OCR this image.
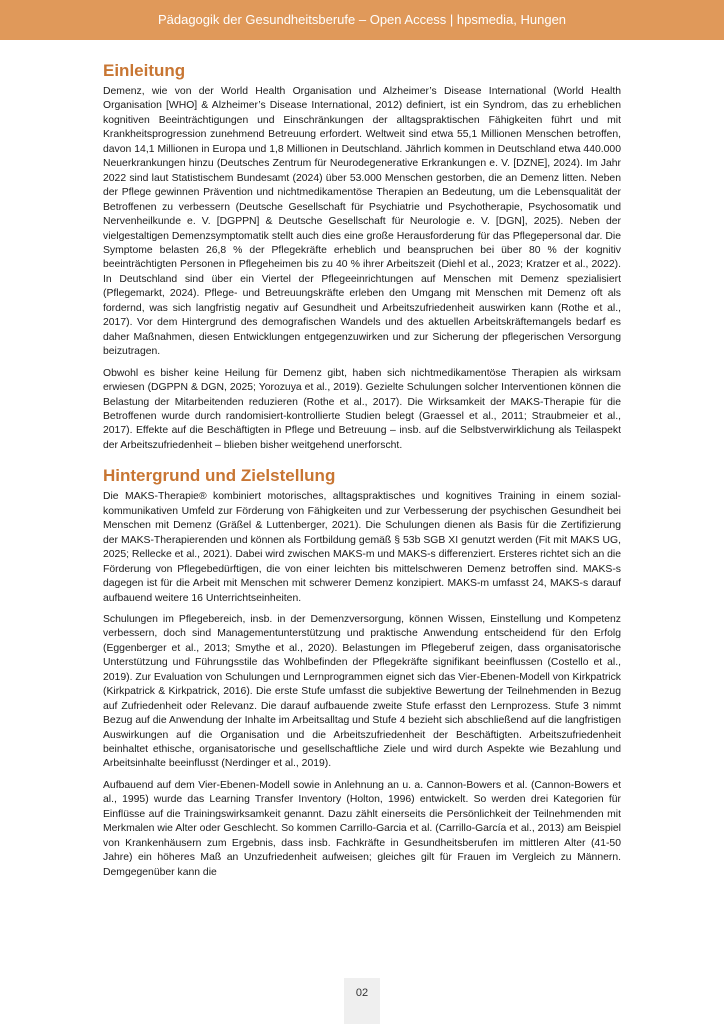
Pädagogik der Gesundheitsberufe – Open Access | hpsmedia, Hungen
Einleitung

Demenz, wie von der World Health Organisation und Alzheimer’s Disease International (World Health Organisation [WHO] & Alzheimer’s Disease International, 2012) definiert, ist ein Syndrom, das zu erheblichen kognitiven Beeinträchtigungen und Einschränkungen der alltagspraktischen Fähigkeiten führt und mit Krankheitsprogression zunehmend Betreuung erfordert. Weltweit sind etwa 55,1 Millionen Menschen betroffen, davon 14,1 Millionen in Europa und 1,8 Millionen in Deutschland. Jährlich kommen in Deutschland etwa 440.000 Neuerkrankungen hinzu (Deutsches Zentrum für Neurodegenerative Erkrankungen e. V. [DZNE], 2024). Im Jahr 2022 sind laut Statistischem Bundesamt (2024) über 53.000 Menschen gestorben, die an Demenz litten. Neben der Pflege gewinnen Prävention und nichtmedikamentöse Therapien an Bedeutung, um die Lebensqualität der Betroffenen zu verbessern (Deutsche Gesellschaft für Psychiatrie und Psychotherapie, Psychosomatik und Nervenheilkunde e. V. [DGPPN] & Deutsche Gesellschaft für Neurologie e. V. [DGN], 2025). Neben der vielgestaltigen Demenzsymptomatik stellt auch dies eine große Herausforderung für das Pflegepersonal dar. Die Symptome belasten 26,8 % der Pflegekräfte erheblich und beanspruchen bei über 80 % der kognitiv beeinträchtigten Personen in Pflegeheimen bis zu 40 % ihrer Arbeitszeit (Diehl et al., 2023; Kratzer et al., 2022). In Deutschland sind über ein Viertel der Pflegeeinrichtungen auf Menschen mit Demenz spezialisiert (Pflegemarkt, 2024). Pflege- und Betreuungskräfte erleben den Umgang mit Menschen mit Demenz oft als fordernd, was sich langfristig negativ auf Gesundheit und Arbeitszufriedenheit auswirken kann (Rothe et al., 2017). Vor dem Hintergrund des demografischen Wandels und des aktuellen Arbeitskräftemangels bedarf es daher Maßnahmen, diesen Entwicklungen entgegenzuwirken und zur Sicherung der pflegerischen Versorgung beizutragen.

Obwohl es bisher keine Heilung für Demenz gibt, haben sich nichtmedikamentöse Therapien als wirksam erwiesen (DGPPN & DGN, 2025; Yorozuya et al., 2019). Gezielte Schulungen solcher Interventionen können die Belastung der Mitarbeitenden reduzieren (Rothe et al., 2017). Die Wirksamkeit der MAKS-Therapie für die Betroffenen wurde durch randomisiert-kontrollierte Studien belegt (Graessel et al., 2011; Straubmeier et al., 2017). Effekte auf die Beschäftigten in Pflege und Betreuung – insb. auf die Selbstverwirklichung als Teilaspekt der Arbeitszufriedenheit – blieben bisher weitgehend unerforscht.

Hintergrund und Zielstellung

Die MAKS-Therapie® kombiniert motorisches, alltagspraktisches und kognitives Training in einem sozial-kommunikativen Umfeld zur Förderung von Fähigkeiten und zur Verbesserung der psychischen Gesundheit bei Menschen mit Demenz (Gräßel & Luttenberger, 2021). Die Schulungen dienen als Basis für die Zertifizierung der MAKS-Therapierenden und können als Fortbildung gemäß § 53b SGB XI genutzt werden (Fit mit MAKS UG, 2025; Rellecke et al., 2021). Dabei wird zwischen MAKS-m und MAKS-s differenziert. Ersteres richtet sich an die Förderung von Pflegebedürftigen, die von einer leichten bis mittelschweren Demenz betroffen sind. MAKS-s dagegen ist für die Arbeit mit Menschen mit schwerer Demenz konzipiert. MAKS-m umfasst 24, MAKS-s darauf aufbauend weitere 16 Unterrichtseinheiten.

Schulungen im Pflegebereich, insb. in der Demenzversorgung, können Wissen, Einstellung und Kompetenz verbessern, doch sind Managementunterstützung und praktische Anwendung entscheidend für den Erfolg (Eggenberger et al., 2013; Smythe et al., 2020). Belastungen im Pflegeberuf zeigen, dass organisatorische Unterstützung und Führungsstile das Wohlbefinden der Pflegekräfte signifikant beeinflussen (Costello et al., 2019). Zur Evaluation von Schulungen und Lernprogrammen eignet sich das Vier-Ebenen-Modell von Kirkpatrick (Kirkpatrick & Kirkpatrick, 2016). Die erste Stufe umfasst die subjektive Bewertung der Teilnehmenden in Bezug auf Zufriedenheit oder Relevanz. Die darauf aufbauende zweite Stufe erfasst den Lernprozess. Stufe 3 nimmt Bezug auf die Anwendung der Inhalte im Arbeitsalltag und Stufe 4 bezieht sich abschließend auf die langfristigen Auswirkungen auf die Organisation und die Arbeitszufriedenheit der Beschäftigten. Arbeitszufriedenheit beinhaltet ethische, organisatorische und gesellschaftliche Ziele und wird durch Aspekte wie Bezahlung und Arbeitsinhalte beeinflusst (Nerdinger et al., 2019).

Aufbauend auf dem Vier-Ebenen-Modell sowie in Anlehnung an u. a. Cannon-Bowers et al. (Cannon-Bowers et al., 1995) wurde das Learning Transfer Inventory (Holton, 1996) entwickelt. So werden drei Kategorien für Einflüsse auf die Trainingswirksamkeit genannt. Dazu zählt einerseits die Persönlichkeit der Teilnehmenden mit Merkmalen wie Alter oder Geschlecht. So kommen Carrillo-Garcia et al. (Carrillo-García et al., 2013) am Beispiel von Krankenhäusern zum Ergebnis, dass insb. Fachkräfte in Gesundheitsberufen im mittleren Alter (41-50 Jahre) ein höheres Maß an Unzufriedenheit aufweisen; gleiches gilt für Frauen im Vergleich zu Männern. Demgegenüber kann die

02
